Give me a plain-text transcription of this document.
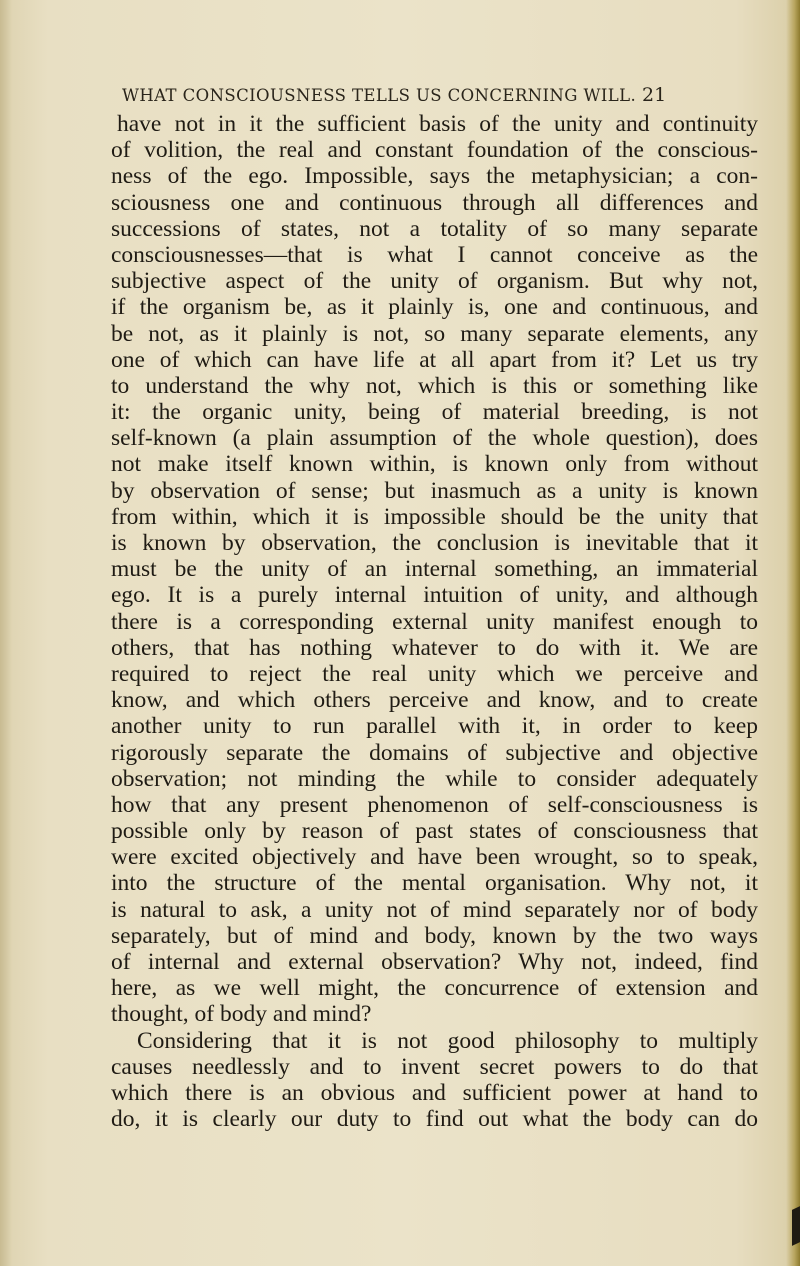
WHAT CONSCIOUSNESS TELLS US CONCERNING WILL. 21
have not in it the sufficient basis of the unity and continuity
of volition, the real and constant foundation of the conscious-
ness of the ego. Impossible, says the metaphysician; a con-
sciousness one and continuous through all differences and
successions of states, not a totality of so many separate
consciousnesses—that is what I cannot conceive as the
subjective aspect of the unity of organism. But why not,
if the organism be, as it plainly is, one and continuous, and
be not, as it plainly is not, so many separate elements, any
one of which can have life at all apart from it? Let us try
to understand the why not, which is this or something like
it: the organic unity, being of material breeding, is not
self-known (a plain assumption of the whole question), does
not make itself known within, is known only from without
by observation of sense; but inasmuch as a unity is known
from within, which it is impossible should be the unity that
is known by observation, the conclusion is inevitable that it
must be the unity of an internal something, an immaterial
ego. It is a purely internal intuition of unity, and although
there is a corresponding external unity manifest enough to
others, that has nothing whatever to do with it. We are
required to reject the real unity which we perceive and
know, and which others perceive and know, and to create
another unity to run parallel with it, in order to keep
rigorously separate the domains of subjective and objective
observation; not minding the while to consider adequately
how that any present phenomenon of self-consciousness is
possible only by reason of past states of consciousness that
were excited objectively and have been wrought, so to speak,
into the structure of the mental organisation. Why not, it
is natural to ask, a unity not of mind separately nor of body
separately, but of mind and body, known by the two ways
of internal and external observation? Why not, indeed, find
here, as we well might, the concurrence of extension and
thought, of body and mind?
Considering that it is not good philosophy to multiply
causes needlessly and to invent secret powers to do that
which there is an obvious and sufficient power at hand to
do, it is clearly our duty to find out what the body can do
